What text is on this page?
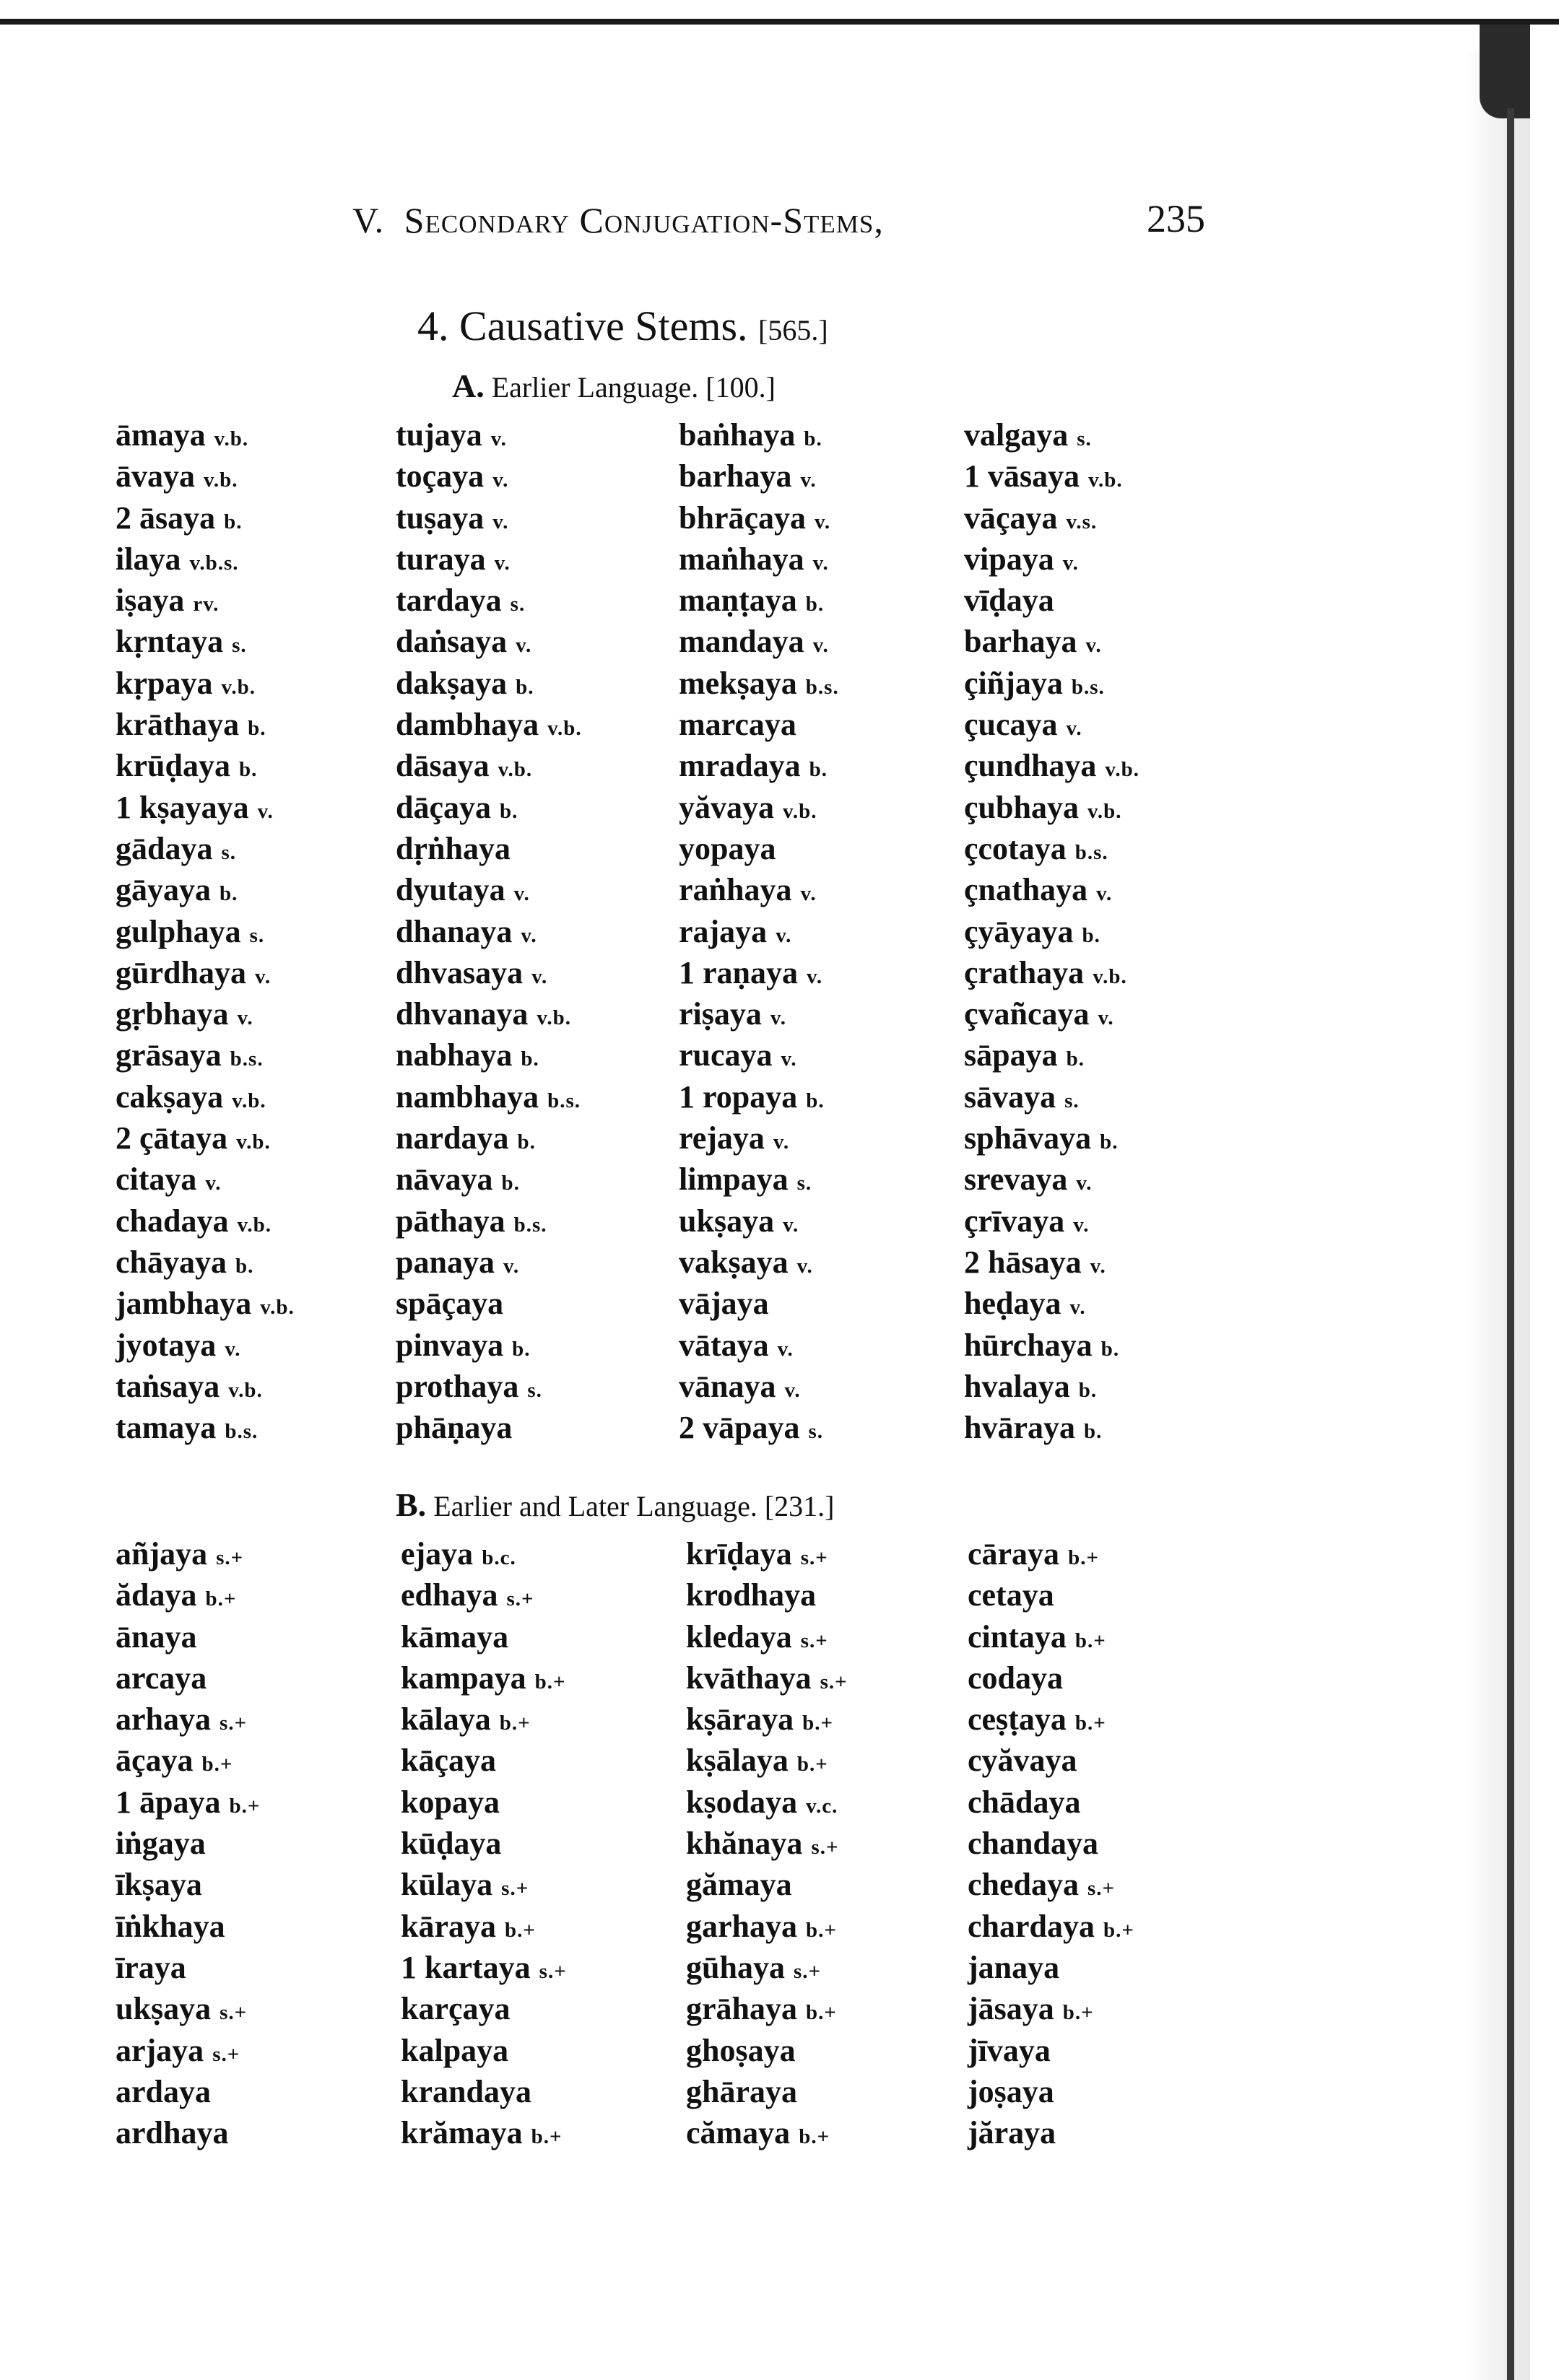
V. Secondary Conjugation-Stems,	235
4. Causative Stems. [565.]
A. Earlier Language. [100.]
āmaya v.b.
āvaya v.b.
2 āsaya b.
ilaya v.b.s.
iṣaya rv.
kṛntaya s.
kṛpaya v.b.
krāthaya b.
krūḍaya b.
1 kṣayaya v.
gādaya s.
gāyaya b.
gulphaya s.
gūrdhaya v.
gṛbhaya v.
grāsaya b.s.
cakṣaya v.b.
2 çātaya v.b.
citaya v.
chadaya v.b.
chāyaya b.
jambhaya v.b.
jyotaya v.
taṅsaya v.b.
tamaya b.s.
tujaya v.
toçaya v.
tuṣaya v.
turaya v.
tardaya s.
daṅsaya v.
dakṣaya b.
dambhaya v.b.
dāsaya v.b.
dāçaya b.
dṛṅhaya
dyutaya v.
dhanaya v.
dhvasaya v.
dhvanaya v.b.
nabhaya b.
nambhaya b.s.
nardaya b.
nāvaya b.
pāthaya b.s.
panaya v.
spāçaya
pinvaya b.
prothaya s.
phāṇaya
baṅhaya b.
barhaya v.
bhrāçaya v.
maṅhaya v.
maṇṭaya b.
mandaya v.
mekṣaya b.s.
marcaya
mradaya b.
yăvaya v.b.
yopaya
raṅhaya v.
rajaya v.
1 raṇaya v.
riṣaya v.
rucaya v.
1 ropaya b.
rejaya v.
limpaya s.
ukṣaya v.
vakṣaya v.
vājaya
vātaya v.
vānaya v.
2 vāpaya s.
valgaya s.
1 vāsaya v.b.
vāçaya v.s.
vipaya v.
vīḍaya
barhaya v.
çiñjaya b.s.
çucaya v.
çundhaya v.b.
çubhaya v.b.
çcotaya b.s.
çnathaya v.
çyāyaya b.
çrathaya v.b.
çvañcaya v.
sāpaya b.
sāvaya s.
sphāvaya b.
srevaya v.
çrīvaya v.
2 hāsaya v.
heḍaya v.
hūrchaya b.
hvalaya b.
hvāraya b.
B. Earlier and Later Language. [231.]
añjaya s.+
ădaya b.+
ānaya
arcaya
arhaya s.+
āçaya b.+
1 āpaya b.+
iṅgaya
īkṣaya
īṅkhaya
īraya
ukṣaya s.+
arjaya s.+
ardaya
ardhaya
ejaya b.c.
edhaya s.+
kāmaya
kampaya b.+
kālaya b.+
kāçaya
kopaya
kūḍaya
kūlaya s.+
kāraya b.+
1 kartaya s.+
karçaya
kalpaya
krandaya
krămaya b.+
krīḍaya s.+
krodhaya
kledaya s.+
kvāthaya s.+
kṣāraya b.+
kṣālaya b.+
kṣodaya v.c.
khănaya s.+
gămaya
garhaya b.+
gūhaya s.+
grāhaya b.+
ghoṣaya
ghāraya
cămaya b.+
cāraya b.+
cetaya
cintaya b.+
codaya
ceṣṭaya b.+
cyăvaya
chādaya
chandaya
chedaya s.+
chardaya b.+
janaya
jāsaya b.+
jīvaya
joṣaya
jăraya
